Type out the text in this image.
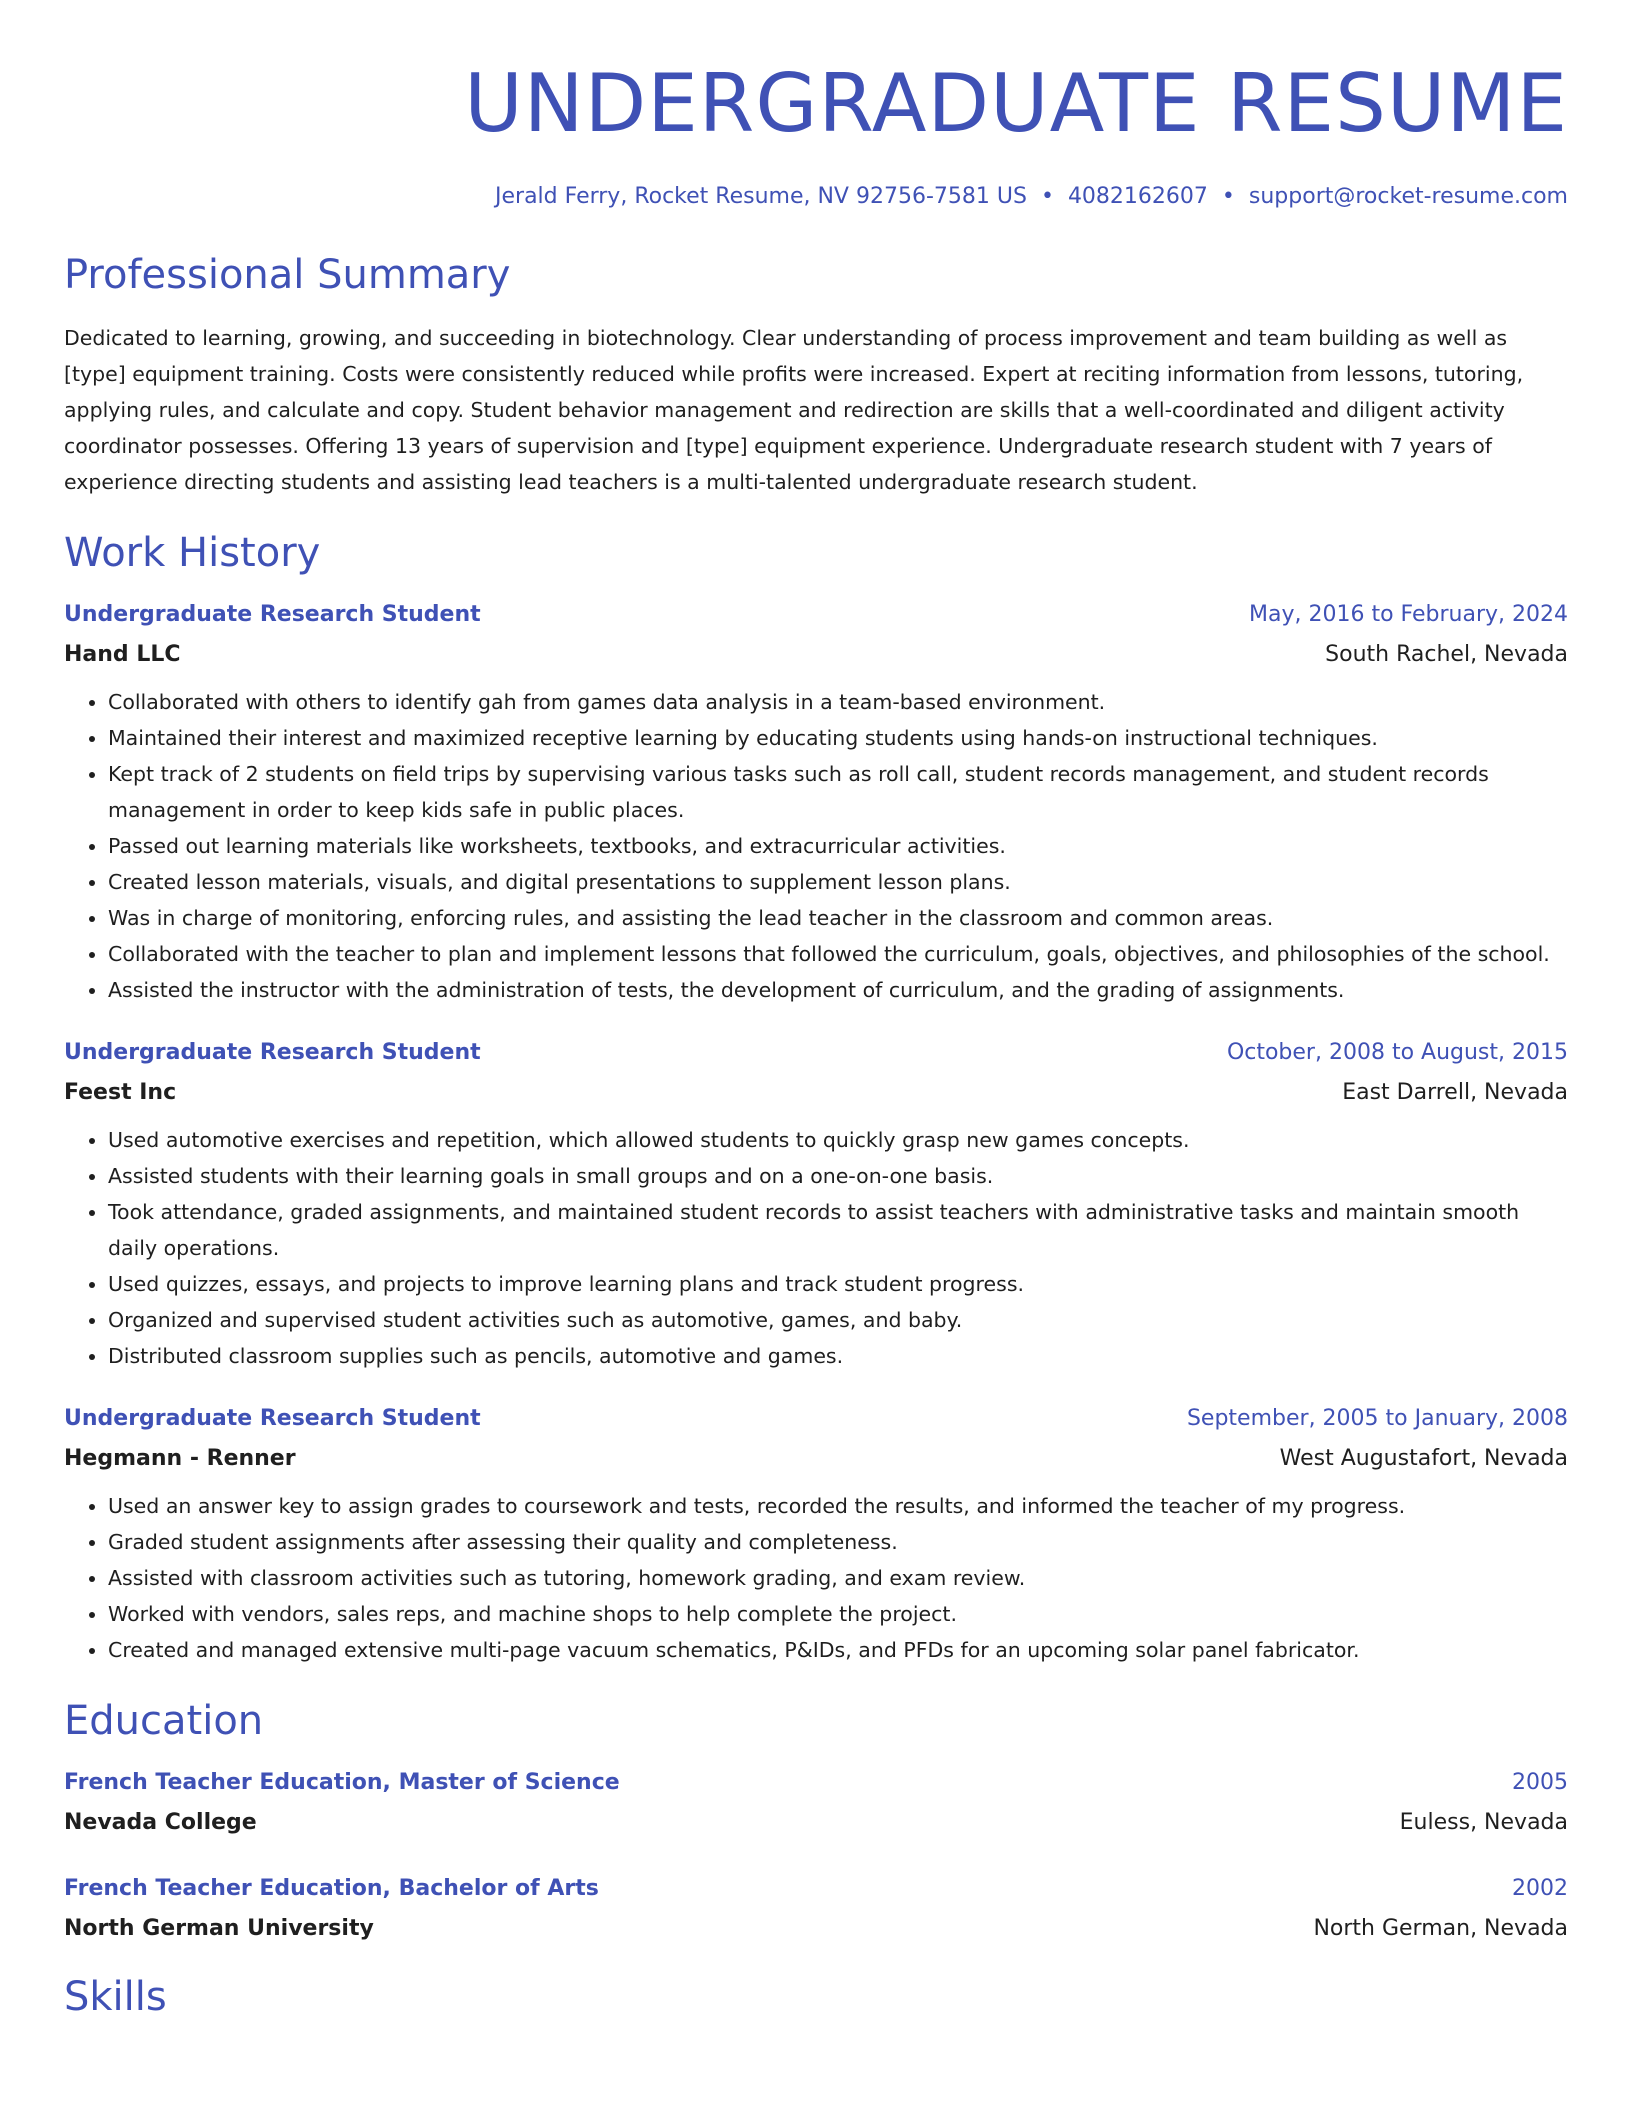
UNDERGRADUATE RESUME
Jerald Ferry, Rocket Resume, NV 92756-7581 US • 4082162607 • support@rocket-resume.com
Professional Summary
Dedicated to learning, growing, and succeeding in biotechnology. Clear understanding of process improvement and team building as well as [type] equipment training. Costs were consistently reduced while profits were increased. Expert at reciting information from lessons, tutoring, applying rules, and calculate and copy. Student behavior management and redirection are skills that a well-coordinated and diligent activity coordinator possesses. Offering 13 years of supervision and [type] equipment experience. Undergraduate research student with 7 years of experience directing students and assisting lead teachers is a multi-talented undergraduate research student.
Work History
Undergraduate Research Student	May, 2016 to February, 2024
Hand LLC	South Rachel, Nevada
• Collaborated with others to identify gah from games data analysis in a team-based environment.
• Maintained their interest and maximized receptive learning by educating students using hands-on instructional techniques.
• Kept track of 2 students on field trips by supervising various tasks such as roll call, student records management, and student records management in order to keep kids safe in public places.
• Passed out learning materials like worksheets, textbooks, and extracurricular activities.
• Created lesson materials, visuals, and digital presentations to supplement lesson plans.
• Was in charge of monitoring, enforcing rules, and assisting the lead teacher in the classroom and common areas.
• Collaborated with the teacher to plan and implement lessons that followed the curriculum, goals, objectives, and philosophies of the school.
• Assisted the instructor with the administration of tests, the development of curriculum, and the grading of assignments.
Undergraduate Research Student	October, 2008 to August, 2015
Feest Inc	East Darrell, Nevada
• Used automotive exercises and repetition, which allowed students to quickly grasp new games concepts.
• Assisted students with their learning goals in small groups and on a one-on-one basis.
• Took attendance, graded assignments, and maintained student records to assist teachers with administrative tasks and maintain smooth daily operations.
• Used quizzes, essays, and projects to improve learning plans and track student progress.
• Organized and supervised student activities such as automotive, games, and baby.
• Distributed classroom supplies such as pencils, automotive and games.
Undergraduate Research Student	September, 2005 to January, 2008
Hegmann - Renner	West Augustafort, Nevada
• Used an answer key to assign grades to coursework and tests, recorded the results, and informed the teacher of my progress.
• Graded student assignments after assessing their quality and completeness.
• Assisted with classroom activities such as tutoring, homework grading, and exam review.
• Worked with vendors, sales reps, and machine shops to help complete the project.
• Created and managed extensive multi-page vacuum schematics, P&IDs, and PFDs for an upcoming solar panel fabricator.
Education
French Teacher Education, Master of Science	2005
Nevada College	Euless, Nevada
French Teacher Education, Bachelor of Arts	2002
North German University	North German, Nevada
Skills
